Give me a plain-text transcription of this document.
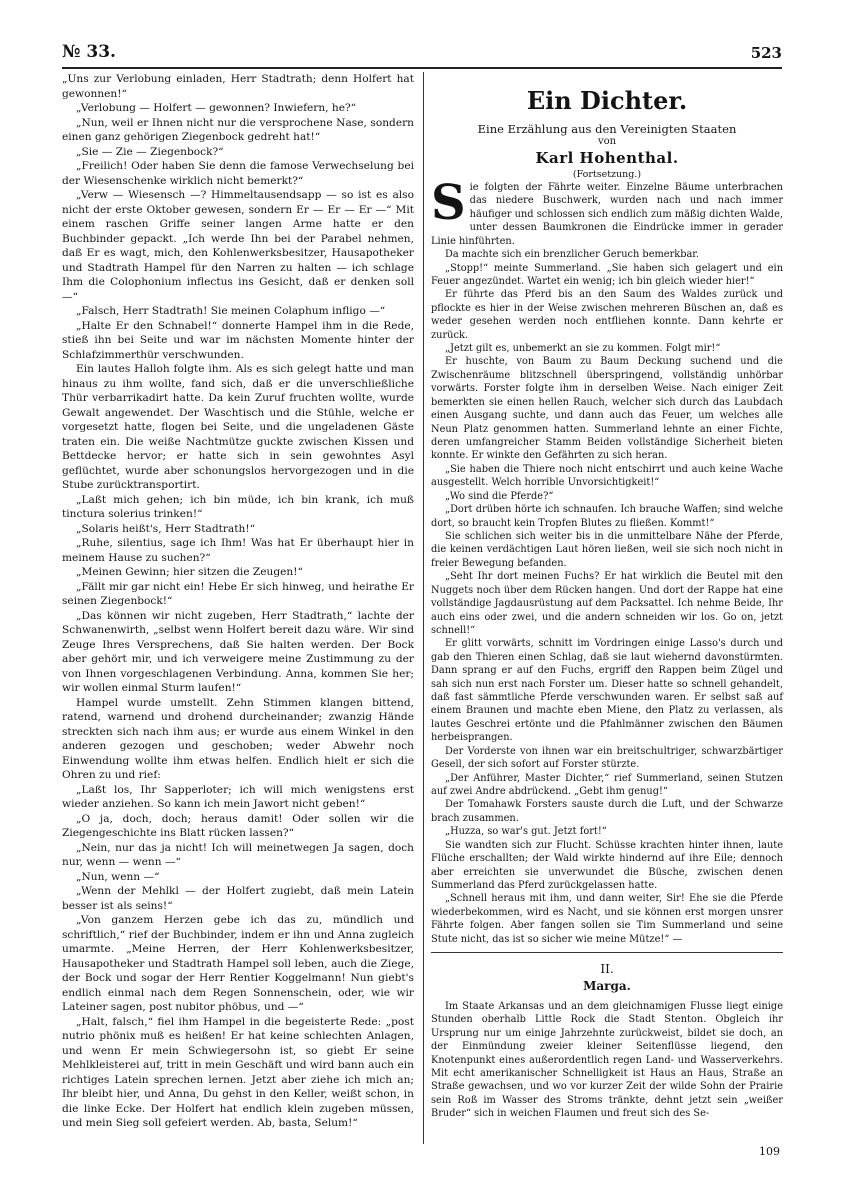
№ 33.	523

„Uns zur Verlobung einladen, Herr Stadtrath; denn Holfert hat gewonnen!“

„Verlobung — Holfert — gewonnen? Inwiefern, he?“

„Nun, weil er Ihnen nicht nur die versprochene Nase, sondern einen ganz gehörigen Ziegenbock gedreht hat!“

„Sie — Zie — Ziegenbock?“

„Freilich! Oder haben Sie denn die famose Verwechselung bei der Wiesenschenke wirklich nicht bemerkt?“

„Verw — Wiesensch —? Himmeltausendsapp — so ist es also nicht der erste Oktober gewesen, sondern Er — Er — Er —“ Mit einem raschen Griffe seiner langen Arme hatte er den Buchbinder gepackt. „Ich werde Ihn bei der Parabel nehmen, daß Er es wagt, mich, den Kohlenwerksbesitzer, Hausapotheker und Stadtrath Hampel für den Narren zu halten — ich schlage Ihm die Colophonium inflectus ins Gesicht, daß er denken soll —“

„Falsch, Herr Stadtrath! Sie meinen Colaphum infligo —“

„Halte Er den Schnabel!“ donnerte Hampel ihm in die Rede, stieß ihn bei Seite und war im nächsten Momente hinter der Schlafzimmerthür verschwunden.

Ein lautes Halloh folgte ihm. Als es sich gelegt hatte und man hinaus zu ihm wollte, fand sich, daß er die unverschließliche Thür verbarrikadirt hatte. Da kein Zuruf fruchten wollte, wurde Gewalt angewendet. Der Waschtisch und die Stühle, welche er vorgesetzt hatte, flogen bei Seite, und die ungeladenen Gäste traten ein. Die weiße Nachtmütze guckte zwischen Kissen und Bettdecke hervor; er hatte sich in sein gewohntes Asyl geflüchtet, wurde aber schonungslos hervorgezogen und in die Stube zurücktransportirt.

„Laßt mich gehen; ich bin müde, ich bin krank, ich muß tinctura solerius trinken!“

„Solaris heißt's, Herr Stadtrath!“

„Ruhe, silentius, sage ich Ihm! Was hat Er überhaupt hier in meinem Hause zu suchen?“

„Meinen Gewinn; hier sitzen die Zeugen!“

„Fällt mir gar nicht ein! Hebe Er sich hinweg, und heirathe Er seinen Ziegenbock!“

„Das können wir nicht zugeben, Herr Stadtrath,“ lachte der Schwanenwirth, „selbst wenn Holfert bereit dazu wäre. Wir sind Zeuge Ihres Versprechens, daß Sie halten werden. Der Bock aber gehört mir, und ich verweigere meine Zustimmung zu der von Ihnen vorgeschlagenen Verbindung. Anna, kommen Sie her; wir wollen einmal Sturm laufen!“

Hampel wurde umstellt. Zehn Stimmen klangen bittend, ratend, warnend und drohend durcheinander; zwanzig Hände streckten sich nach ihm aus; er wurde aus einem Winkel in den anderen gezogen und geschoben; weder Abwehr noch Einwendung wollte ihm etwas helfen. Endlich hielt er sich die Ohren zu und rief:

„Laßt los, Ihr Sapperloter; ich will mich wenigstens erst wieder anziehen. So kann ich mein Jawort nicht geben!“

„O ja, doch, doch; heraus damit! Oder sollen wir die Ziegengeschichte ins Blatt rücken lassen?“

„Nein, nur das ja nicht! Ich will meinetwegen Ja sagen, doch nur, wenn — wenn —“

„Nun, wenn —“

„Wenn der Mehlkl — der Holfert zugiebt, daß mein Latein besser ist als seins!“

„Von ganzem Herzen gebe ich das zu, mündlich und schriftlich,“ rief der Buchbinder, indem er ihn und Anna zugleich umarmte. „Meine Herren, der Herr Kohlenwerksbesitzer, Hausapotheker und Stadtrath Hampel soll leben, auch die Ziege, der Bock und sogar der Herr Rentier Koggelmann! Nun giebt's endlich einmal nach dem Regen Sonnenschein, oder, wie wir Lateiner sagen, post nubitor phöbus, und —“

„Halt, falsch,“ fiel ihm Hampel in die begeisterte Rede: „post nutrio phönix muß es heißen! Er hat keine schlechten Anlagen, und wenn Er mein Schwiegersohn ist, so giebt Er seine Mehlkleisterei auf, tritt in mein Geschäft und wird bann auch ein richtiges Latein sprechen lernen. Jetzt aber ziehe ich mich an; Ihr bleibt hier, und Anna, Du gehst in den Keller, weißt schon, in die linke Ecke. Der Holfert hat endlich klein zugeben müssen, und mein Sieg soll gefeiert werden. Ab, basta, Selum!“

Ein Dichter.

Eine Erzählung aus den Vereinigten Staaten

von

Karl Hohenthal.

(Fortsetzung.)

Sie folgten der Fährte weiter. Einzelne Bäume unterbrachen das niedere Buschwerk, wurden nach und nach immer häufiger und schlossen sich endlich zum mäßig dichten Walde, unter dessen Baumkronen die Eindrücke immer in gerader Linie hinführten.

Da machte sich ein brenzlicher Geruch bemerkbar.

„Stopp!“ meinte Summerland. „Sie haben sich gelagert und ein Feuer angezündet. Wartet ein wenig; ich bin gleich wieder hier!“

Er führte das Pferd bis an den Saum des Waldes zurück und pflockte es hier in der Weise zwischen mehreren Büschen an, daß es weder gesehen werden noch entfliehen konnte. Dann kehrte er zurück.

„Jetzt gilt es, unbemerkt an sie zu kommen. Folgt mir!“

Er huschte, von Baum zu Baum Deckung suchend und die Zwischenräume blitzschnell überspringend, vollständig unhörbar vorwärts. Forster folgte ihm in derselben Weise. Nach einiger Zeit bemerkten sie einen hellen Rauch, welcher sich durch das Laubdach einen Ausgang suchte, und dann auch das Feuer, um welches alle Neun Platz genommen hatten. Summerland lehnte an einer Fichte, deren umfangreicher Stamm Beiden vollständige Sicherheit bieten konnte. Er winkte den Gefährten zu sich heran.

„Sie haben die Thiere noch nicht entschirrt und auch keine Wache ausgestellt. Welch horrible Unvorsichtigkeit!“

„Wo sind die Pferde?“

„Dort drüben hörte ich schnaufen. Ich brauche Waffen; sind welche dort, so braucht kein Tropfen Blutes zu fließen. Kommt!“

Sie schlichen sich weiter bis in die unmittelbare Nähe der Pferde, die keinen verdächtigen Laut hören ließen, weil sie sich noch nicht in freier Bewegung befanden.

„Seht Ihr dort meinen Fuchs? Er hat wirklich die Beutel mit den Nuggets noch über dem Rücken hangen. Und dort der Rappe hat eine vollständige Jagdausrüstung auf dem Packsattel. Ich nehme Beide, Ihr auch eins oder zwei, und die andern schneiden wir los. Go on, jetzt schnell!“

Er glitt vorwärts, schnitt im Vordringen einige Lasso's durch und gab den Thieren einen Schlag, daß sie laut wiehernd davonstürmten. Dann sprang er auf den Fuchs, ergriff den Rappen beim Zügel und sah sich nun erst nach Forster um. Dieser hatte so schnell gehandelt, daß fast sämmtliche Pferde verschwunden waren. Er selbst saß auf einem Braunen und machte eben Miene, den Platz zu verlassen, als lautes Geschrei ertönte und die Pfahlmänner zwischen den Bäumen herbeisprangen.

Der Vorderste von ihnen war ein breitschultriger, schwarzbärtiger Gesell, der sich sofort auf Forster stürzte.

„Der Anführer, Master Dichter,“ rief Summerland, seinen Stutzen auf zwei Andre abdrückend. „Gebt ihm genug!“

Der Tomahawk Forsters sauste durch die Luft, und der Schwarze brach zusammen.

„Huzza, so war's gut. Jetzt fort!“

Sie wandten sich zur Flucht. Schüsse krachten hinter ihnen, laute Flüche erschallten; der Wald wirkte hindernd auf ihre Eile; dennoch aber erreichten sie unverwundet die Büsche, zwischen denen Summerland das Pferd zurückgelassen hatte.

„Schnell heraus mit ihm, und dann weiter, Sir! Ehe sie die Pferde wiederbekommen, wird es Nacht, und sie können erst morgen unsrer Fährte folgen. Aber fangen sollen sie Tim Summerland und seine Stute nicht, das ist so sicher wie meine Mütze!“ —

II.
Marga.

Im Staate Arkansas und an dem gleichnamigen Flusse liegt einige Stunden oberhalb Little Rock die Stadt Stenton. Obgleich ihr Ursprung nur um einige Jahrzehnte zurückweist, bildet sie doch, an der Einmündung zweier kleiner Seitenflüsse liegend, den Knotenpunkt eines außerordentlich regen Land- und Wasserverkehrs. Mit echt amerikanischer Schnelligkeit ist Haus an Haus, Straße an Straße gewachsen, und wo vor kurzer Zeit der wilde Sohn der Prairie sein Roß im Wasser des Stroms tränkte, dehnt jetzt sein „weißer Bruder“ sich in weichen Flaumen und freut sich des Se-

109
